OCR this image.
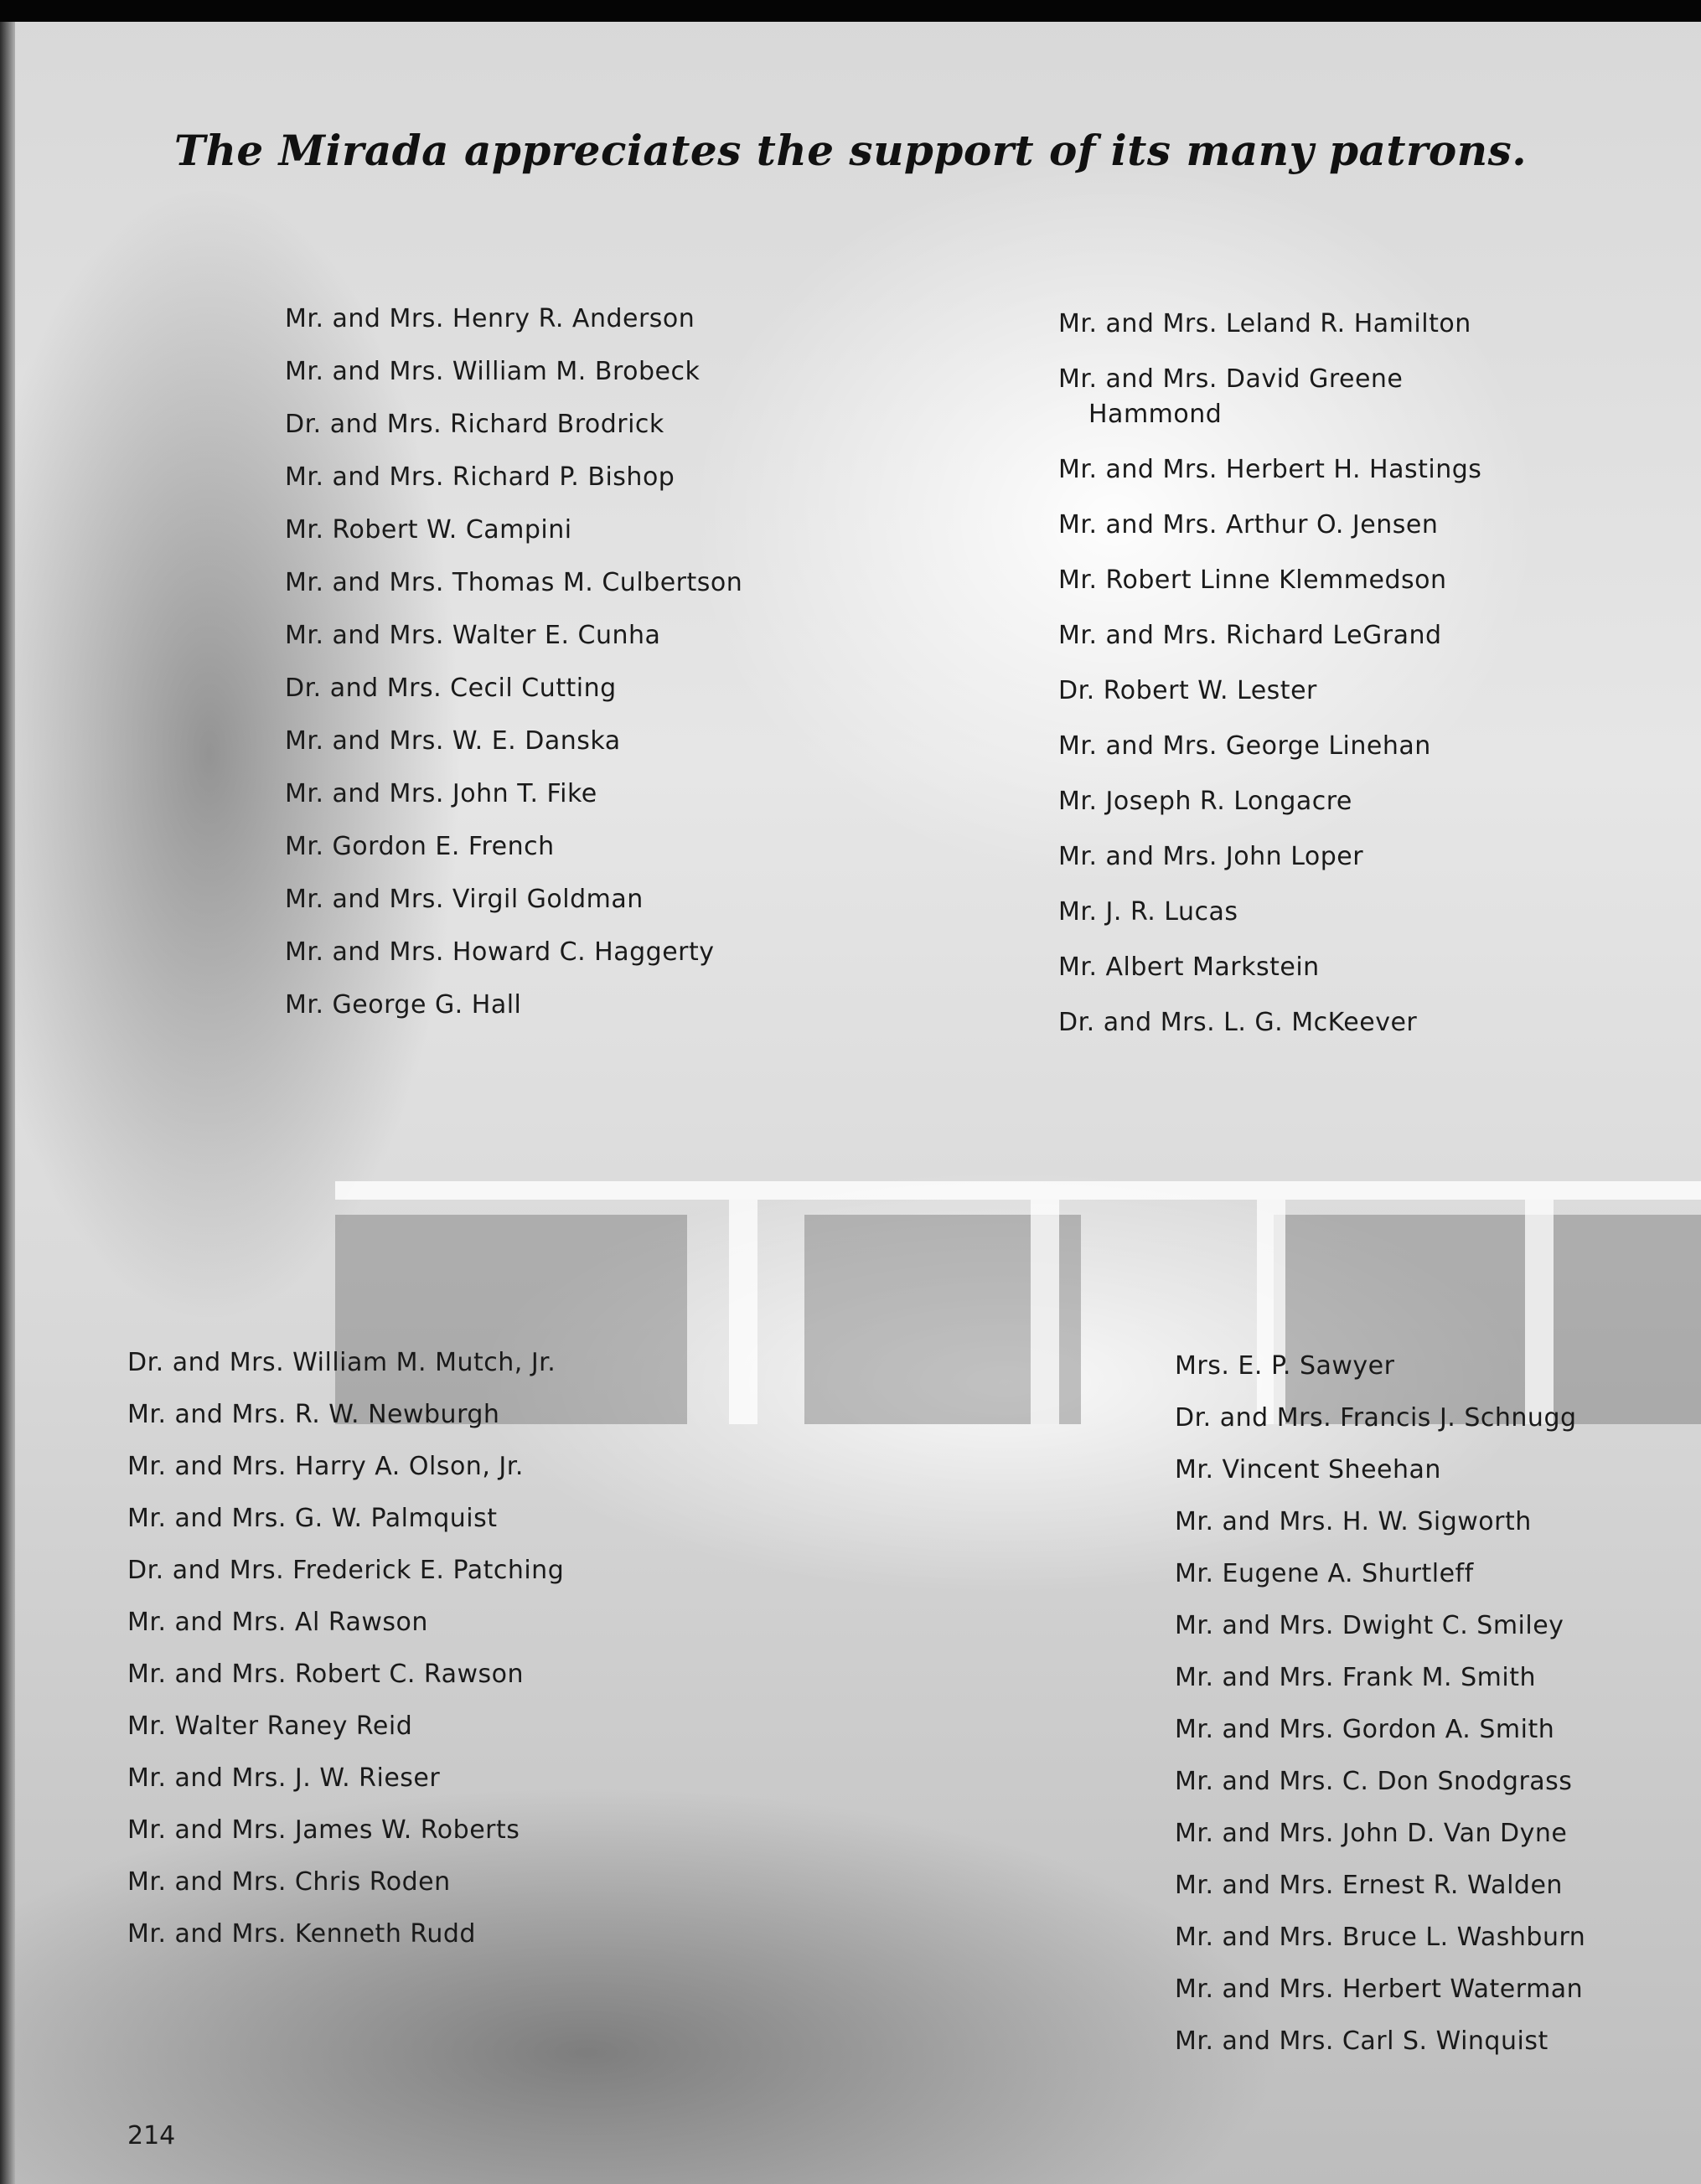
The Mirada appreciates the support of its many patrons.
Mr. and Mrs. Henry R. Anderson
Mr. and Mrs. William M. Brobeck
Dr. and Mrs. Richard Brodrick
Mr. and Mrs. Richard P. Bishop
Mr. Robert W. Campini
Mr. and Mrs. Thomas M. Culbertson
Mr. and Mrs. Walter E. Cunha
Dr. and Mrs. Cecil Cutting
Mr. and Mrs. W. E. Danska
Mr. and Mrs. John T. Fike
Mr. Gordon E. French
Mr. and Mrs. Virgil Goldman
Mr. and Mrs. Howard C. Haggerty
Mr. George G. Hall
Mr. and Mrs. Leland R. Hamilton
Mr. and Mrs. David Greene Hammond
Mr. and Mrs. Herbert H. Hastings
Mr. and Mrs. Arthur O. Jensen
Mr. Robert Linne Klemmedson
Mr. and Mrs. Richard LeGrand
Dr. Robert W. Lester
Mr. and Mrs. George Linehan
Mr. Joseph R. Longacre
Mr. and Mrs. John Loper
Mr. J. R. Lucas
Mr. Albert Markstein
Dr. and Mrs. L. G. McKeever
Dr. and Mrs. William M. Mutch, Jr.
Mr. and Mrs. R. W. Newburgh
Mr. and Mrs. Harry A. Olson, Jr.
Mr. and Mrs. G. W. Palmquist
Dr. and Mrs. Frederick E. Patching
Mr. and Mrs. Al Rawson
Mr. and Mrs. Robert C. Rawson
Mr. Walter Raney Reid
Mr. and Mrs. J. W. Rieser
Mr. and Mrs. James W. Roberts
Mr. and Mrs. Chris Roden
Mr. and Mrs. Kenneth Rudd
Mrs. E. P. Sawyer
Dr. and Mrs. Francis J. Schnugg
Mr. Vincent Sheehan
Mr. and Mrs. H. W. Sigworth
Mr. Eugene A. Shurtleff
Mr. and Mrs. Dwight C. Smiley
Mr. and Mrs. Frank M. Smith
Mr. and Mrs. Gordon A. Smith
Mr. and Mrs. C. Don Snodgrass
Mr. and Mrs. John D. Van Dyne
Mr. and Mrs. Ernest R. Walden
Mr. and Mrs. Bruce L. Washburn
Mr. and Mrs. Herbert Waterman
Mr. and Mrs. Carl S. Winquist

214
